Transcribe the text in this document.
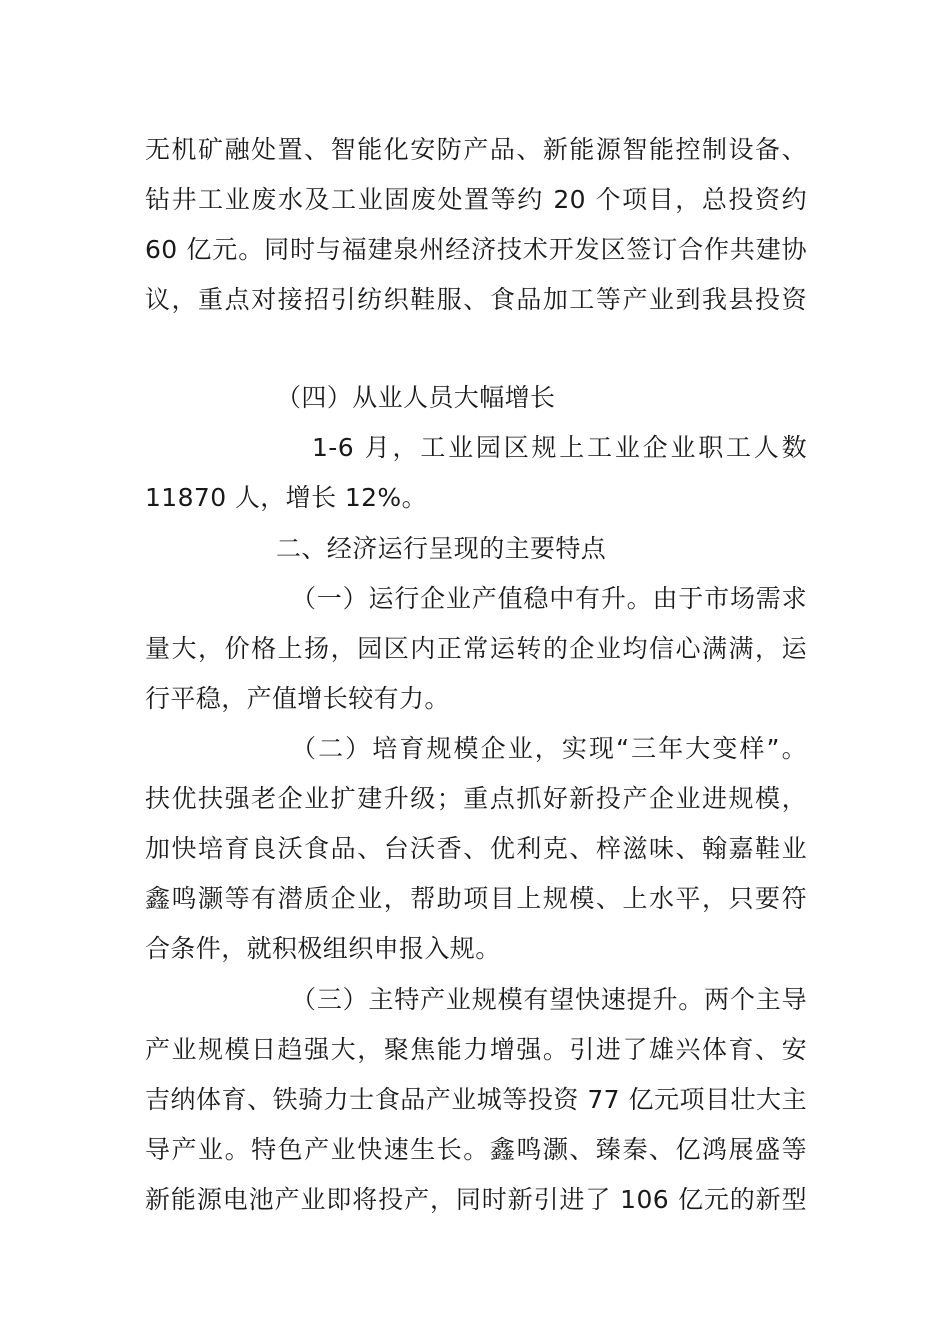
无机矿融处置、智能化安防产品、新能源智能控制设备、
钻井工业废水及工业固废处置等约 20 个项目，总投资约
60 亿元。同时与福建泉州经济技术开发区签订合作共建协
议，重点对接招引纺织鞋服、食品加工等产业到我县投资
（四）从业人员大幅增长
1-6 月，工业园区规上工业企业职工人数
11870 人，增长 12%。
二、经济运行呈现的主要特点
（一）运行企业产值稳中有升。由于市场需求
量大，价格上扬，园区内正常运转的企业均信心满满，运
行平稳，产值增长较有力。
（二）培育规模企业，实现“三年大变样”。
扶优扶强老企业扩建升级；重点抓好新投产企业进规模，
加快培育良沃食品、台沃香、优利克、梓滋味、翰嘉鞋业
鑫鸣灏等有潜质企业，帮助项目上规模、上水平，只要符
合条件，就积极组织申报入规。
（三）主特产业规模有望快速提升。两个主导
产业规模日趋强大，聚焦能力增强。引进了雄兴体育、安
吉纳体育、铁骑力士食品产业城等投资 77 亿元项目壮大主
导产业。特色产业快速生长。鑫鸣灏、臻秦、亿鸿展盛等
新能源电池产业即将投产，同时新引进了 106 亿元的新型
